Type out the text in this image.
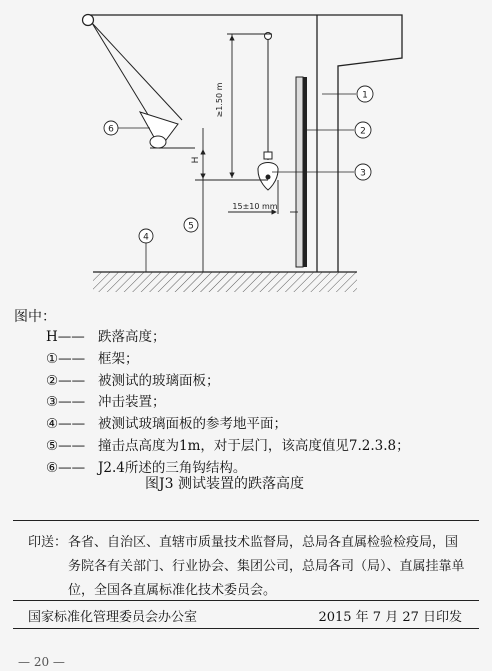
≥1.50 m
H
15±10 mm
1
2
3
4
5
6
图中：
H—— 跌落高度；
①—— 框架；
②—— 被测试的玻璃面板；
③—— 冲击装置；
④—— 被测试玻璃面板的参考地平面；
⑤—— 撞击点高度为1m，对于层门，该高度值见7.2.3.8；
⑥—— J2.4所述的三角钩结构。
图J3 测试装置的跌落高度
印送： 各省、自治区、直辖市质量技术监督局，总局各直属检验检疫局，国务院各有关部门、行业协会、集团公司，总局各司（局）、直属挂靠单位，全国各直属标准化技术委员会。
国家标准化管理委员会办公室	2015 年 7 月 27 日印发
— 20 —
